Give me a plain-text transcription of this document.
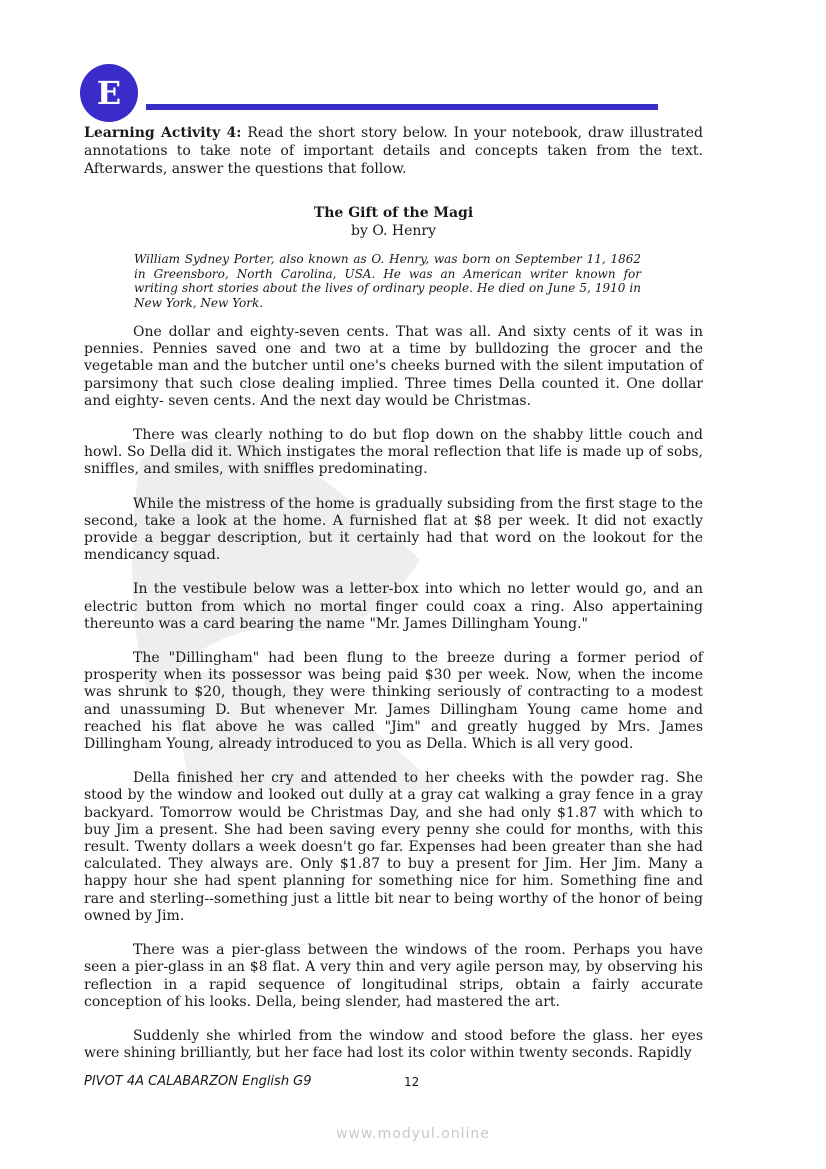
E

Learning Activity 4: Read the short story below. In your notebook, draw illustrated annotations to take note of important details and concepts taken from the text. Afterwards, answer the questions that follow.

The Gift of the Magi

by O. Henry

William Sydney Porter, also known as O. Henry, was born on September 11, 1862 in Greensboro, North Carolina, USA. He was an American writer known for writing short stories about the lives of ordinary people. He died on June 5, 1910 in New York, New York.

One dollar and eighty-seven cents. That was all. And sixty cents of it was in pennies. Pennies saved one and two at a time by bulldozing the grocer and the vegetable man and the butcher until one's cheeks burned with the silent imputation of parsimony that such close dealing implied. Three times Della counted it. One dollar and eighty- seven cents. And the next day would be Christmas.

There was clearly nothing to do but flop down on the shabby little couch and howl. So Della did it. Which instigates the moral reflection that life is made up of sobs, sniffles, and smiles, with sniffles predominating.

While the mistress of the home is gradually subsiding from the first stage to the second, take a look at the home. A furnished flat at $8 per week. It did not exactly provide a beggar description, but it certainly had that word on the lookout for the mendicancy squad.

In the vestibule below was a letter-box into which no letter would go, and an electric button from which no mortal finger could coax a ring. Also appertaining thereunto was a card bearing the name "Mr. James Dillingham Young."

The "Dillingham" had been flung to the breeze during a former period of prosperity when its possessor was being paid $30 per week. Now, when the income was shrunk to $20, though, they were thinking seriously of contracting to a modest and unassuming D. But whenever Mr. James Dillingham Young came home and reached his flat above he was called "Jim" and greatly hugged by Mrs. James Dillingham Young, already introduced to you as Della. Which is all very good.

Della finished her cry and attended to her cheeks with the powder rag. She stood by the window and looked out dully at a gray cat walking a gray fence in a gray backyard. Tomorrow would be Christmas Day, and she had only $1.87 with which to buy Jim a present. She had been saving every penny she could for months, with this result. Twenty dollars a week doesn't go far. Expenses had been greater than she had calculated. They always are. Only $1.87 to buy a present for Jim. Her Jim. Many a happy hour she had spent planning for something nice for him. Something fine and rare and sterling--something just a little bit near to being worthy of the honor of being owned by Jim.

There was a pier-glass between the windows of the room. Perhaps you have seen a pier-glass in an $8 flat. A very thin and very agile person may, by observing his reflection in a rapid sequence of longitudinal strips, obtain a fairly accurate conception of his looks. Della, being slender, had mastered the art.

Suddenly she whirled from the window and stood before the glass. her eyes were shining brilliantly, but her face had lost its color within twenty seconds. Rapidly

PIVOT 4A CALABARZON English G9	12
www.modyul.online
